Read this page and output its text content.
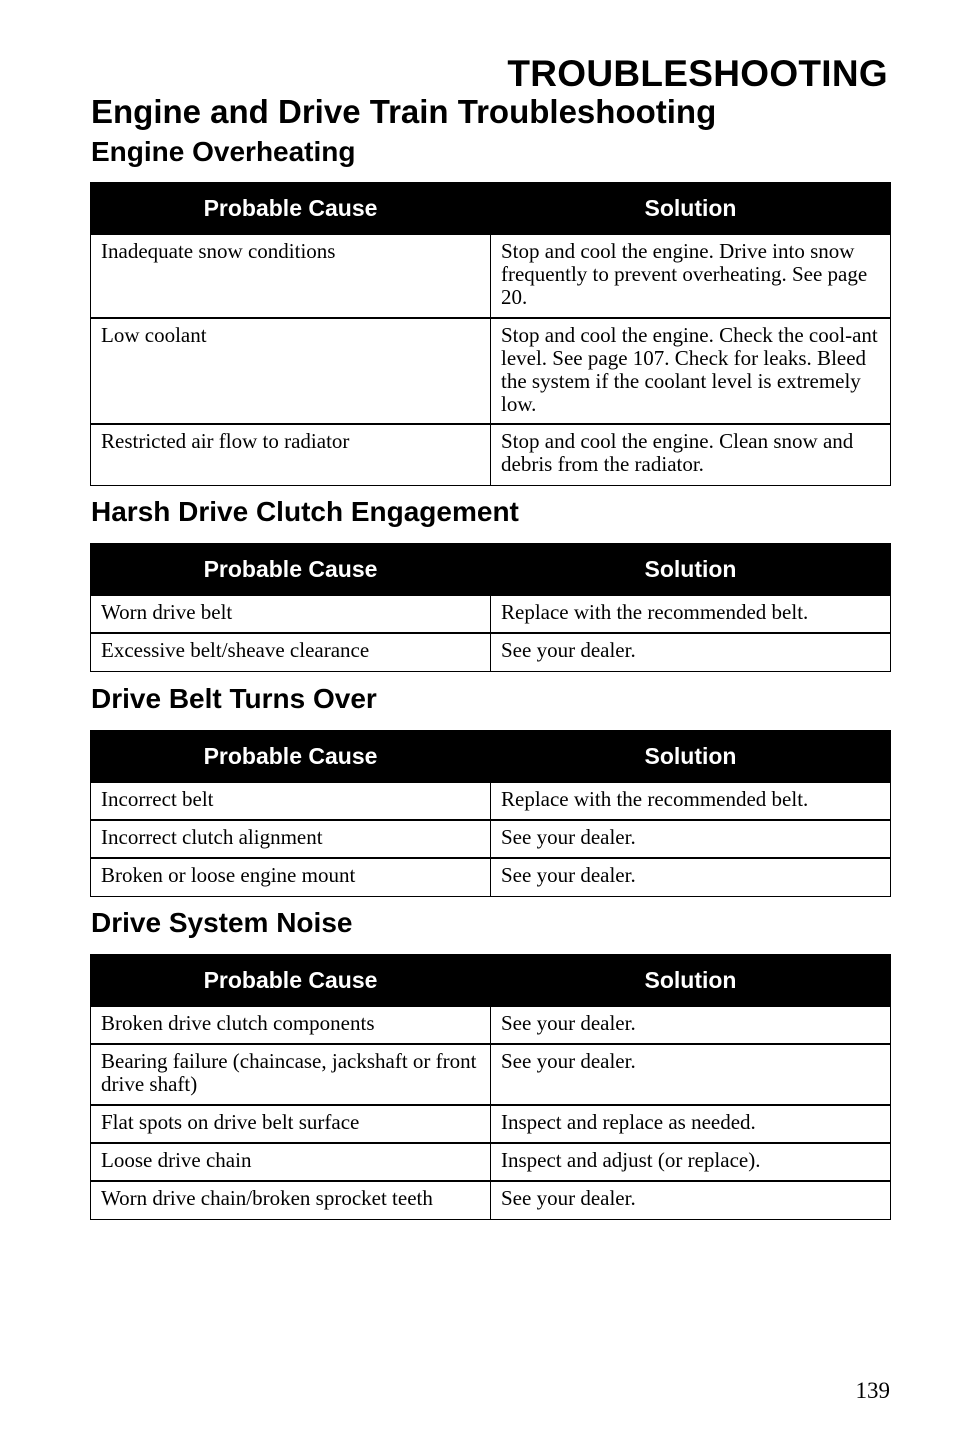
TROUBLESHOOTING
Engine and Drive Train Troubleshooting
Engine Overheating
Probable Cause	Solution
Inadequate snow conditions	Stop and cool the engine. Drive into snow frequently to prevent overheating. See page 20.
Low coolant	Stop and cool the engine. Check the cool-ant level. See page 107. Check for leaks. Bleed the system if the coolant level is extremely low.
Restricted air flow to radiator	Stop and cool the engine. Clean snow and debris from the radiator.
Harsh Drive Clutch Engagement
Probable Cause	Solution
Worn drive belt	Replace with the recommended belt.
Excessive belt/sheave clearance	See your dealer.
Drive Belt Turns Over
Probable Cause	Solution
Incorrect belt	Replace with the recommended belt.
Incorrect clutch alignment	See your dealer.
Broken or loose engine mount	See your dealer.
Drive System Noise
Probable Cause	Solution
Broken drive clutch components	See your dealer.
Bearing failure (chaincase, jackshaft or front drive shaft)	See your dealer.
Flat spots on drive belt surface	Inspect and replace as needed.
Loose drive chain	Inspect and adjust (or replace).
Worn drive chain/broken sprocket teeth	See your dealer.
139
